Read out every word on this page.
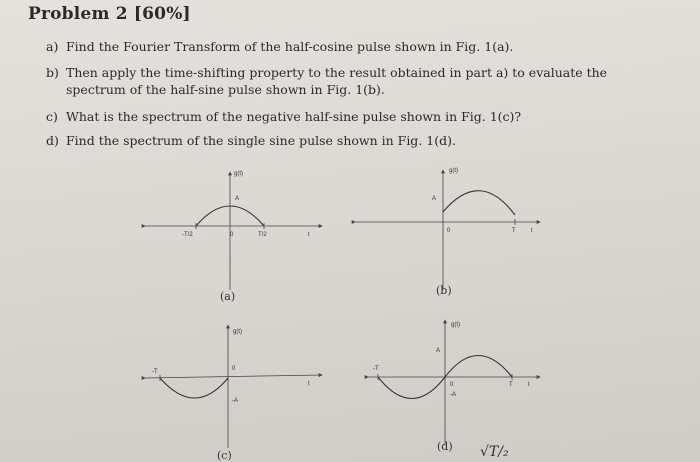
Problem 2 [60%]
a) Find the Fourier Transform of the half-cosine pulse shown in Fig. 1(a).
b) Then apply the time-shifting property to the result obtained in part a) to evaluate the
spectrum of the half-sine pulse shown in Fig. 1(b).
c) What is the spectrum of the negative half-sine pulse shown in Fig. 1(c)?
d) Find the spectrum of the single sine pulse shown in Fig. 1(d).
g(t)
A
-T/2	0	T/2	t
(a)
g(t)
A
0	T	t
(b)
g(t)
-T	0
-A
t
(c)
g(t)
A
-T
0
-A
T	t
(d) √T/₂
